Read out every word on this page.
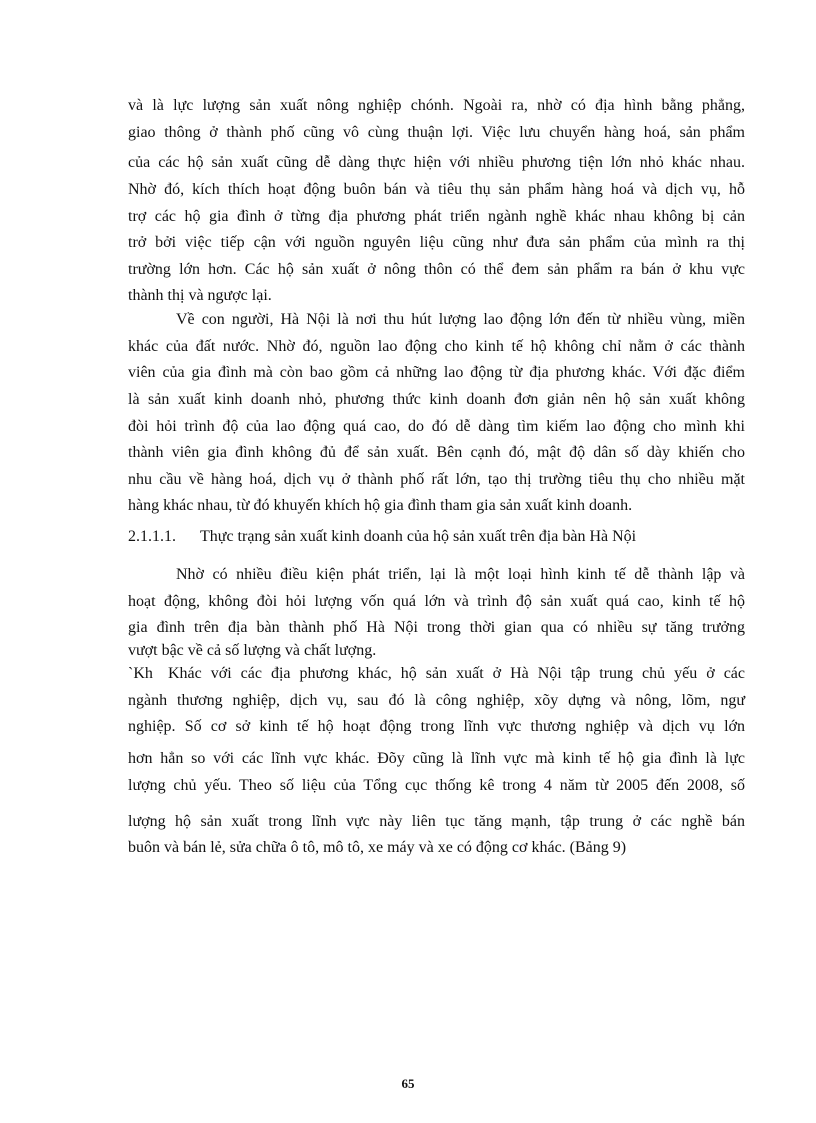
và là lực lượng sản xuất nông nghiệp chónh. Ngoài ra, nhờ có địa hình bằng phẳng,
giao thông ở thành phố cũng vô cùng thuận lợi. Việc lưu chuyển hàng hoá, sản phẩm
của các hộ sản xuất cũng dễ dàng thực hiện với nhiều phương tiện lớn nhỏ khác nhau.
Nhờ đó, kích thích hoạt động buôn bán và tiêu thụ sản phẩm hàng hoá và dịch vụ, hỗ
trợ các hộ gia đình ở từng địa phương phát triển ngành nghề khác nhau không bị cản
trở bởi việc tiếp cận với nguồn nguyên liệu cũng như đưa sản phẩm của mình ra thị
trường lớn hơn. Các hộ sản xuất ở nông thôn có thể đem sản phẩm ra bán ở khu vực
thành thị và ngược lại.
Về con người, Hà Nội là nơi thu hút lượng lao động lớn đến từ nhiều vùng, miền
khác của đất nước. Nhờ đó, nguồn lao động cho kinh tế hộ không chỉ nằm ở các thành
viên của gia đình mà còn bao gồm cả những lao động từ địa phương khác. Với đặc điểm
là sản xuất kinh doanh nhỏ, phương thức kinh doanh đơn giản nên hộ sản xuất không
đòi hỏi trình độ của lao động quá cao, do đó dễ dàng tìm kiếm lao động cho mình khi
thành viên gia đình không đủ để sản xuất. Bên cạnh đó, mật độ dân số dày khiến cho
nhu cầu về hàng hoá, dịch vụ ở thành phố rất lớn, tạo thị trường tiêu thụ cho nhiều mặt
hàng khác nhau, từ đó khuyến khích hộ gia đình tham gia sản xuất kinh doanh.
2.1.1.1. Thực trạng sản xuất kinh doanh của hộ sản xuất trên địa bàn Hà Nội
Nhờ có nhiều điều kiện phát triển, lại là một loại hình kinh tế dễ thành lập và
hoạt động, không đòi hỏi lượng vốn quá lớn và trình độ sản xuất quá cao, kinh tế hộ
gia đình trên địa bàn thành phố Hà Nội trong thời gian qua có nhiều sự tăng trưởng
vượt bậc về cả số lượng và chất lượng.
`Kh Khác với các địa phương khác, hộ sản xuất ở Hà Nội tập trung chủ yếu ở các
ngành thương nghiệp, dịch vụ, sau đó là công nghiệp, xõy dựng và nông, lõm, ngư
nghiệp. Số cơ sở kinh tế hộ hoạt động trong lĩnh vực thương nghiệp và dịch vụ lớn
hơn hẳn so với các lĩnh vực khác. Đõy cũng là lĩnh vực mà kinh tế hộ gia đình là lực
lượng chủ yếu. Theo số liệu của Tổng cục thống kê trong 4 năm từ 2005 đến 2008, số
lượng hộ sản xuất trong lĩnh vực này liên tục tăng mạnh, tập trung ở các nghề bán
buôn và bán lẻ, sửa chữa ô tô, mô tô, xe máy và xe có động cơ khác. (Bảng 9)
65
